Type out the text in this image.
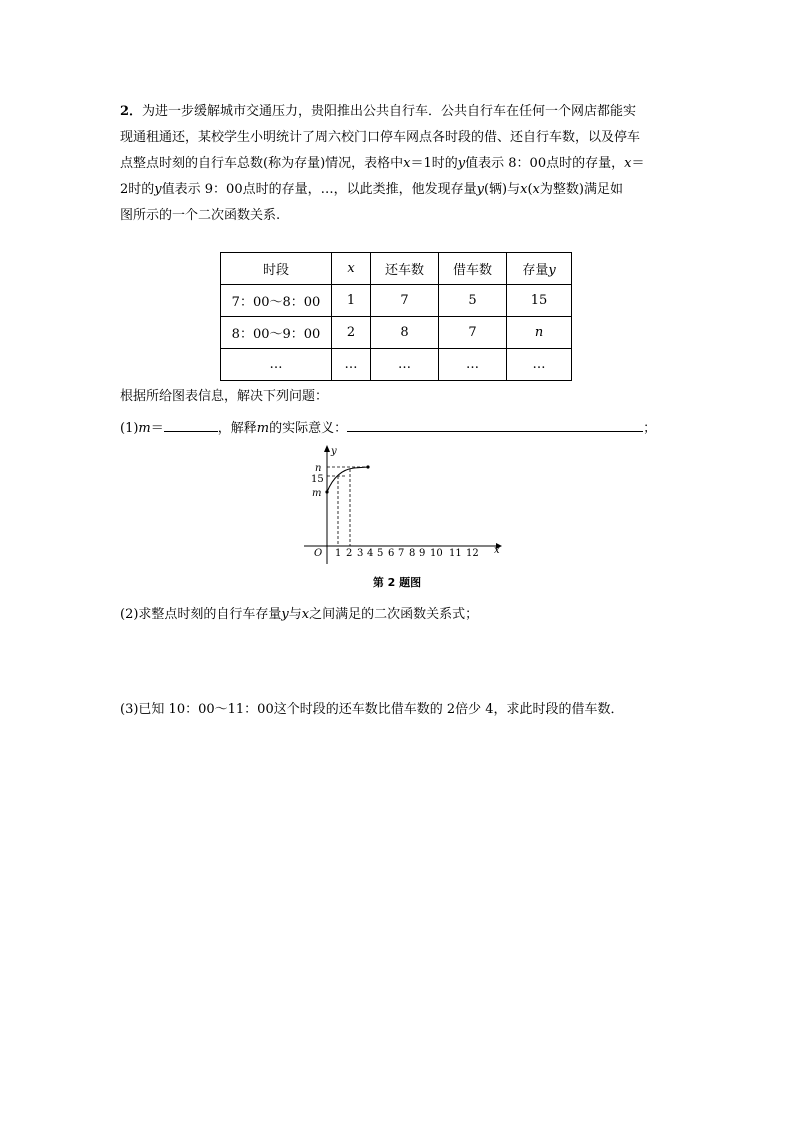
2．为进一步缓解城市交通压力，贵阳推出公共自行车．公共自行车在任何一个网店都能实
现通租通还，某校学生小明统计了周六校门口停车网点各时段的借、还自行车数，以及停车
点整点时刻的自行车总数(称为存量)情况，表格中x＝1时的y值表示 8：00点时的存量，x＝
2时的y值表示 9：00点时的存量，…，以此类推，他发现存量y(辆)与x(x为整数)满足如
图所示的一个二次函数关系.

时段	x	还车数	借车数	存量y
7：00～8：00	1	7	5	15
8：00～9：00	2	8	7	n
…	…	…	…	…

根据所给图表信息，解决下列问题：

(1)m＝	，解释m的实际意义：	；

y
x
O
n
15
m
1 2 3 4 5 6 7 8 9 10 11 12
第 2 题图

(2)求整点时刻的自行车存量y与x之间满足的二次函数关系式；

(3)已知 10：00～11：00这个时段的还车数比借车数的 2倍少 4，求此时段的借车数．
